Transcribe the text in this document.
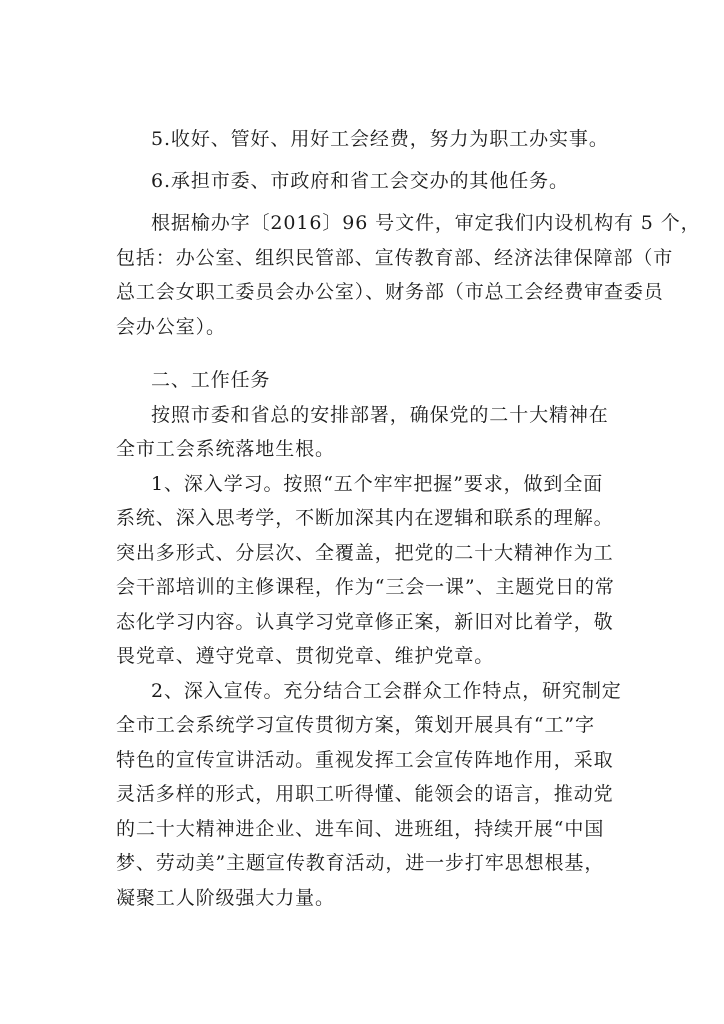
5.收好、管好、用好工会经费，努力为职工办实事。
6.承担市委、市政府和省工会交办的其他任务。
根据榆办字〔2016〕96 号文件，审定我们内设机构有 5 个，
包括：办公室、组织民管部、宣传教育部、经济法律保障部（市
总工会女职工委员会办公室）、财务部（市总工会经费审查委员
会办公室）。
二、工作任务
按照市委和省总的安排部署，确保党的二十大精神在
全市工会系统落地生根。
1、深入学习。按照“五个牢牢把握”要求，做到全面
系统、深入思考学，不断加深其内在逻辑和联系的理解。
突出多形式、分层次、全覆盖，把党的二十大精神作为工
会干部培训的主修课程，作为“三会一课”、主题党日的常
态化学习内容。认真学习党章修正案，新旧对比着学，敬
畏党章、遵守党章、贯彻党章、维护党章。
2、深入宣传。充分结合工会群众工作特点，研究制定
全市工会系统学习宣传贯彻方案，策划开展具有“工”字
特色的宣传宣讲活动。重视发挥工会宣传阵地作用，采取
灵活多样的形式，用职工听得懂、能领会的语言，推动党
的二十大精神进企业、进车间、进班组，持续开展“中国
梦、劳动美”主题宣传教育活动，进一步打牢思想根基，
凝聚工人阶级强大力量。
